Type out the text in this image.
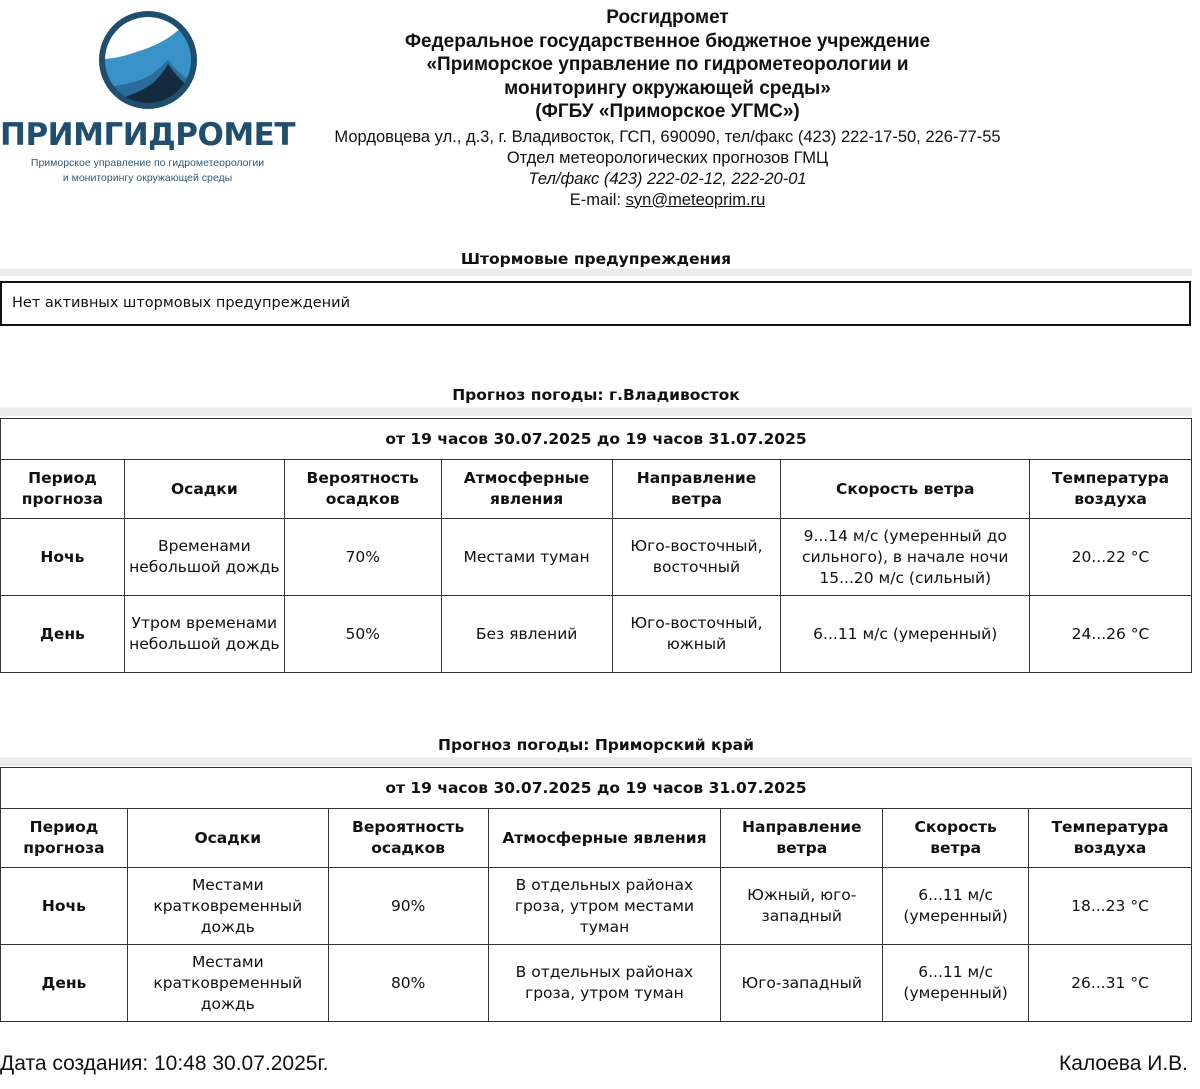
ПРИМГИДРОМЕТ
Приморское управление по гидрометеорологии
и мониторингу окружающей среды
Росгидромет
Федеральное государственное бюджетное учреждение
«Приморское управление по гидрометеорологии и
мониторингу окружающей среды»
(ФГБУ «Приморское УГМС»)
Мордовцева ул., д.3, г. Владивосток, ГСП, 690090, тел/факс (423) 222-17-50, 226-77-55
Отдел метеорологических прогнозов ГМЦ
Тел/факс (423) 222-02-12, 222-20-01
E-mail: syn@meteoprim.ru
Штормовые предупреждения
Нет активных штормовых предупреждений
Прогноз погоды: г.Владивосток
от 19 часов 30.07.2025 до 19 часов 31.07.2025						
Период прогноза	Осадки	Вероятность осадков	Атмосферные явления	Направление ветра	Скорость ветра	Температура воздуха
Ночь	Временами небольшой дождь	70%	Местами туман	Юго-восточный, восточный	9...14 м/с (умеренный до сильного), в начале ночи 15...20 м/с (сильный)	20...22 °C
День	Утром временами небольшой дождь	50%	Без явлений	Юго-восточный, южный	6...11 м/с (умеренный)	24...26 °C
Прогноз погоды: Приморский край
от 19 часов 30.07.2025 до 19 часов 31.07.2025						
Период прогноза	Осадки	Вероятность осадков	Атмосферные явления	Направление ветра	Скорость ветра	Температура воздуха
Ночь	Местами кратковременный дождь	90%	В отдельных районах гроза, утром местами туман	Южный, юго-западный	6...11 м/с (умеренный)	18...23 °C
День	Местами кратковременный дождь	80%	В отдельных районах гроза, утром туман	Юго-западный	6...11 м/с (умеренный)	26...31 °C
Дата создания: 10:48 30.07.2025г.	Калоева И.В.
